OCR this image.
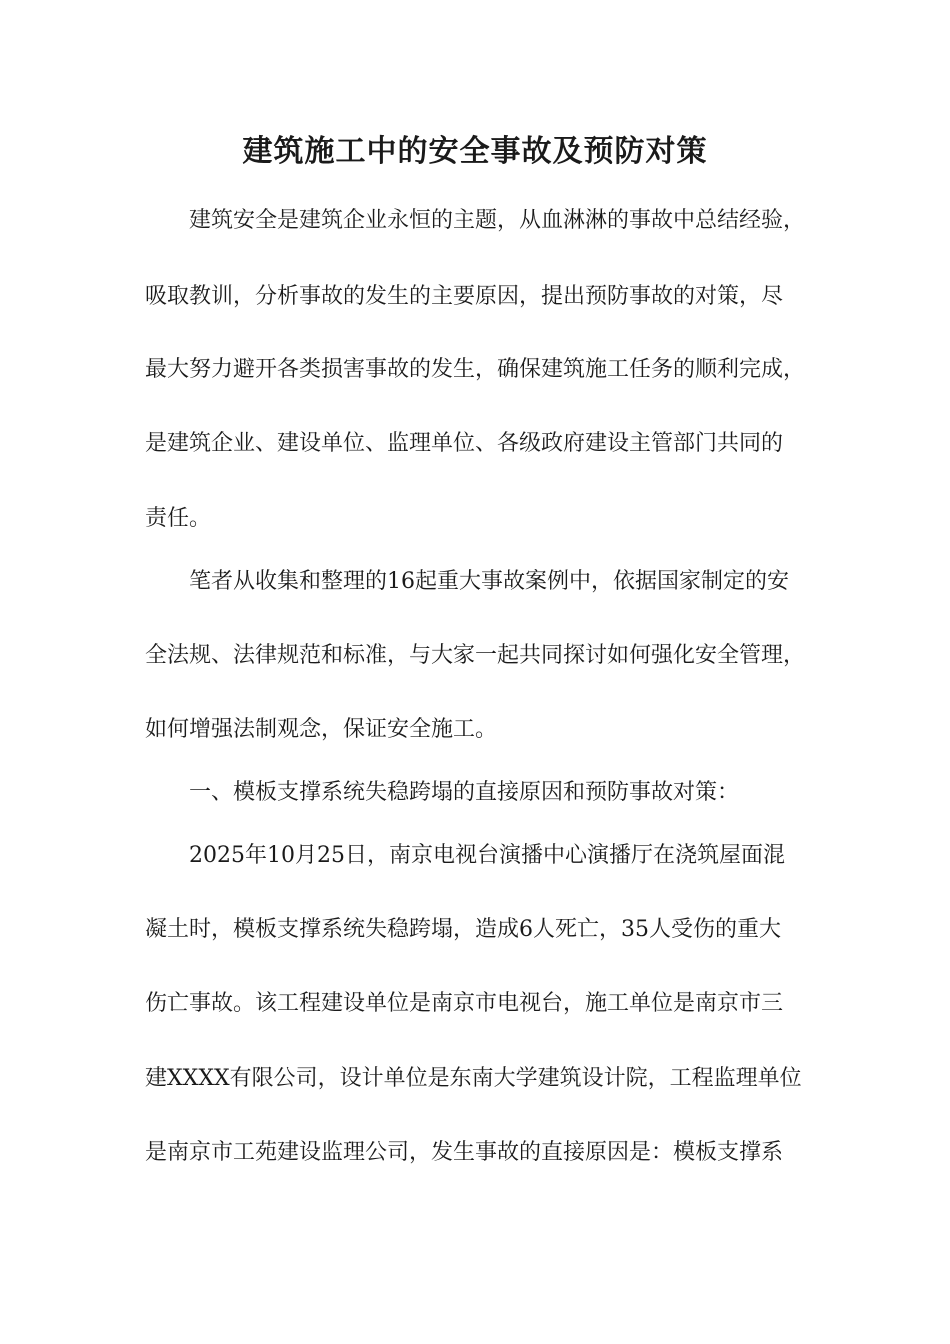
建筑施工中的安全事故及预防对策
　　建筑安全是建筑企业永恒的主题，从血淋淋的事故中总结经验，
吸取教训，分析事故的发生的主要原因，提出预防事故的对策，尽
最大努力避开各类损害事故的发生，确保建筑施工任务的顺利完成，
是建筑企业、建设单位、监理单位、各级政府建设主管部门共同的
责任。
　　笔者从收集和整理的16起重大事故案例中，依据国家制定的安
全法规、法律规范和标准，与大家一起共同探讨如何强化安全管理，
如何增强法制观念，保证安全施工。
　　一、模板支撑系统失稳跨塌的直接原因和预防事故对策：
　　2025年10月25日，南京电视台演播中心演播厅在浇筑屋面混
凝土时，模板支撑系统失稳跨塌，造成6人死亡，35人受伤的重大
伤亡事故。该工程建设单位是南京市电视台，施工单位是南京市三
建XXXX有限公司，设计单位是东南大学建筑设计院，工程监理单位
是南京市工苑建设监理公司，发生事故的直接原因是：模板支撑系
